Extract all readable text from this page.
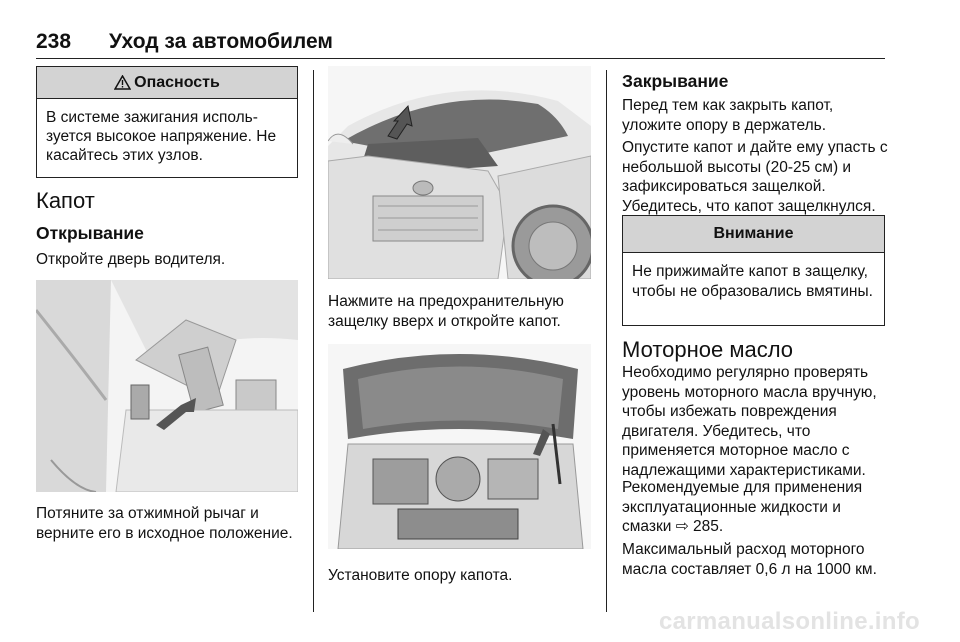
238 Уход за автомобилем
Опасность
В системе зажигания исполь-зуется высокое напряжение. Не касайтесь этих узлов.
Капот
Открывание
Откройте дверь водителя.
Потяните за отжимной рычаг и верните его в исходное положение.
Нажмите на предохранительную защелку вверх и откройте капот.
Установите опору капота.
Закрывание
Перед тем как закрыть капот, уложите опору в держатель.
Опустите капот и дайте ему упасть с небольшой высоты (20-25 см) и зафиксироваться защелкой. Убедитесь, что капот защелкнулся.
Внимание
Не прижимайте капот в защелку, чтобы не образовались вмятины.
Моторное масло
Необходимо регулярно проверять уровень моторного масла вручную, чтобы избежать повреждения двигателя. Убедитесь, что применяется моторное масло с надлежащими характеристиками.
Рекомендуемые для применения эксплуатационные жидкости и смазки ⇨ 285.
Максимальный расход моторного масла составляет 0,6 л на 1000 км.
carmanualsonline.info
